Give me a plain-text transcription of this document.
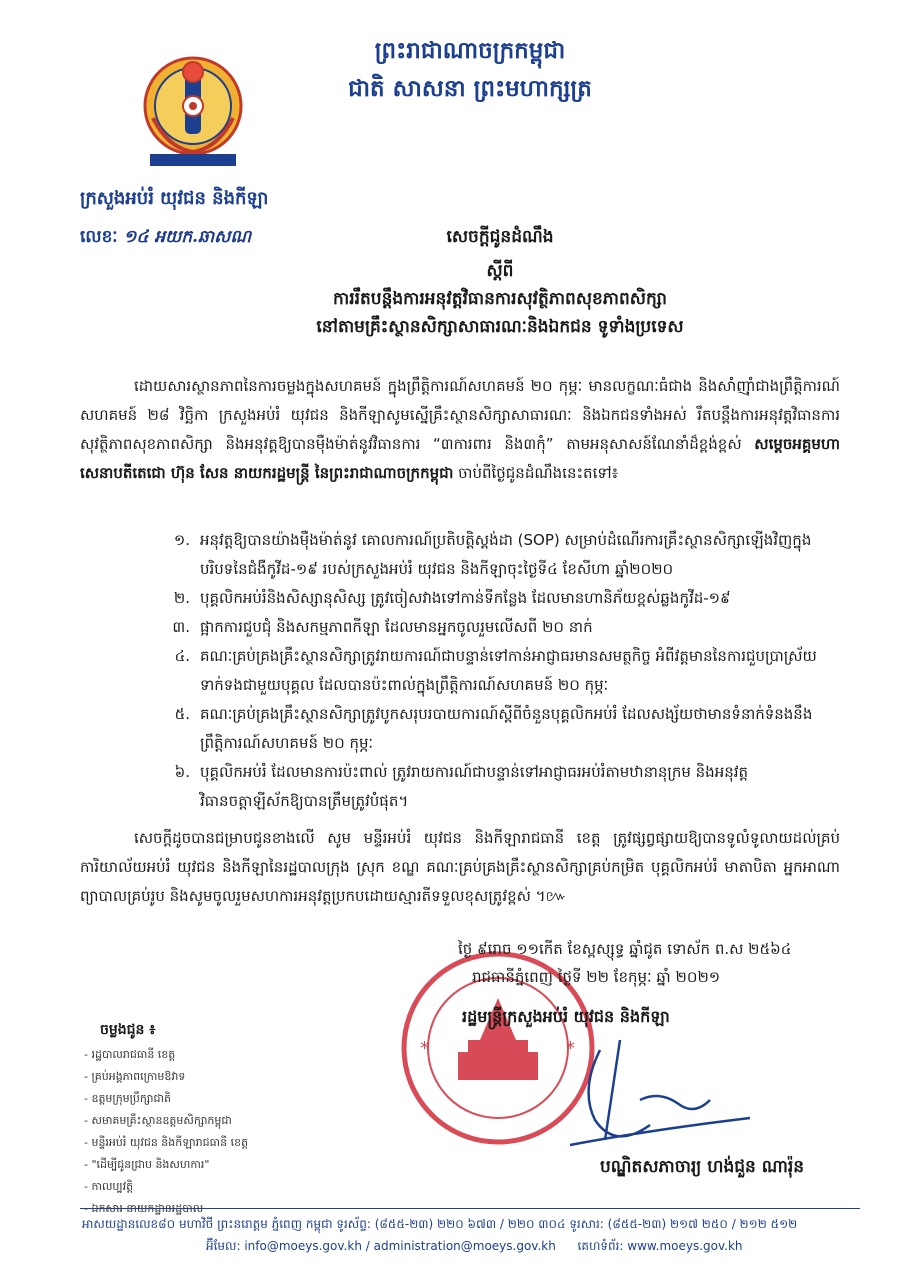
ព្រះរាជាណាចក្រកម្ពុជា
ជាតិ សាសនា ព្រះមហាក្សត្រ
ក្រសួងអប់រំ យុវជន និងកីឡា
លេខៈ ១៤ អយក.ឆាសណ	សេចក្តីជូនដំណឹង
ស្តីពី
ការរឹតបន្តឹងការអនុវត្តវិធានការសុវត្ថិភាពសុខភាពសិក្សា
នៅតាមគ្រឹះស្ថានសិក្សាសាធារណៈនិងឯកជន ទូទាំងប្រទេស
ដោយសារស្ថានភាពនៃការចម្លងក្នុងសហគមន៍ ក្នុងព្រឹត្តិការណ៍សហគមន៍ ២០ កុម្ភៈ មានលក្ខណៈធំជាង និងសាំញ៉ាំជាងព្រឹត្តិការណ៍សហគមន៍ ២៨ វិច្ឆិកា ក្រសួងអប់រំ យុវជន និងកីឡាសូមស្នើគ្រឹះស្ថានសិក្សាសាធារណៈ និងឯកជនទាំងអស់ រឹតបន្តឹងការអនុវត្តវិធានការសុវត្ថិភាពសុខភាពសិក្សា និងអនុវត្តឱ្យបានម៉ឺងម៉ាត់នូវវិធានការ “៣ការពារ និង៣កុំ” តាមអនុសាសន៍ណែនាំដ៏ខ្ពង់ខ្ពស់ សម្តេចអគ្គមហាសេនាបតីតេជោ ហ៊ុន សែន នាយករដ្ឋមន្ត្រី នៃព្រះរាជាណាចក្រកម្ពុជា ចាប់ពីថ្ងៃជូនដំណឹងនេះតទៅ៖
១. អនុវត្តឱ្យបានយ៉ាងម៉ឺងម៉ាត់នូវ គោលការណ៍ប្រតិបត្តិស្តង់ដា (SOP) សម្រាប់ដំណើរការគ្រឹះស្ថានសិក្សាឡើងវិញក្នុងបរិបទនៃជំងឺកូវីដ-១៩ របស់ក្រសួងអប់រំ យុវជន និងកីឡាចុះថ្ងៃទី៤ ខែសីហា ឆ្នាំ២០២០
២. បុគ្គលិកអប់រំនិងសិស្សានុសិស្ស ត្រូវចៀសវាងទៅកាន់ទីកន្លែង ដែលមានហានិភ័យខ្ពស់ឆ្លងកូវីដ-១៩
៣. ផ្អាកការជួបជុំ និងសកម្មភាពកីឡា ដែលមានអ្នកចូលរួមលើសពី ២០ នាក់
៤. គណៈគ្រប់គ្រងគ្រឹះស្ថានសិក្សាត្រូវរាយការណ៍ជាបន្ទាន់ទៅកាន់អាជ្ញាធរមានសមត្ថកិច្ច អំពីវត្តមាននៃការជួបប្រាស្រ័យទាក់ទងជាមួយបុគ្គល ដែលបានប៉ះពាល់ក្នុងព្រឹត្តិការណ៍សហគមន៍ ២០ កុម្ភៈ
៥. គណៈគ្រប់គ្រងគ្រឹះស្ថានសិក្សាត្រូវបូកសរុបរបាយការណ៍ស្តីពីចំនួនបុគ្គលិកអប់រំ ដែលសង្ស័យថាមានទំនាក់ទំនងនឹងព្រឹត្តិការណ៍សហគមន៍ ២០ កុម្ភៈ
៦. បុគ្គលិកអប់រំ ដែលមានការប៉ះពាល់ ត្រូវរាយការណ៍ជាបន្ទាន់ទៅអាជ្ញាធរអប់រំតាមឋានានុក្រម និងអនុវត្តវិធានចត្តាឡីស័កឱ្យបានត្រឹមត្រូវបំផុត។
សេចក្តីដូចបានជម្រាបជូនខាងលើ សូម មន្ទីរអប់រំ យុវជន និងកីឡារាជធានី ខេត្ត ត្រូវផ្សព្វផ្សាយឱ្យបានទូលំទូលាយដល់គ្រប់ការិយាល័យអប់រំ យុវជន និងកីឡានៃរដ្ឋបាលក្រុង ស្រុក ខណ្ឌ គណៈគ្រប់គ្រងគ្រឹះស្ថានសិក្សាគ្រប់កម្រិត បុគ្គលិកអប់រំ មាតាបិតា អ្នកអាណាព្យាបាលគ្រប់រូប និងសូមចូលរួមសហការអនុវត្តប្រកបដោយស្មារតីទទួលខុសត្រូវខ្ពស់ ។៚
*	*
ថ្ងៃ ៩រោច ១១កើត ខែស្ពស្សុទ្ធ ឆ្នាំជូត ទោស័ក ព.ស ២៥៦៤
រាជធានីភ្នំពេញ ថ្ងៃទី ២២ ខែកុម្ភៈ ឆ្នាំ ២០២១
រដ្ឋមន្ត្រីក្រសួងអប់រំ យុវជន និងកីឡា
បណ្ឌិតសភាចារ្យ ហង់ជួន ណារ៉ុន
ចម្លងជូន ៖
- រដ្ឋបាលរាជធានី ខេត្ត
- គ្រប់អង្គភាពក្រោមឱវាទ
- ឧត្តមក្រុមប្រឹក្សាជាតិ
- សមាគមគ្រឹះស្ថានឧត្តមសិក្សាកម្ពុជា
- មន្ទីរអប់រំ យុវជន និងកីឡារាជធានី ខេត្ត
- "ដើម្បីជូនជ្រាប និងសហការ"
- កាលប្បវត្តិ
- ឯកសារ នាយកដ្ឋានរដ្ឋបាល
អាសយដ្ឋានលេខ៨០ មហាវិថី ព្រះនរោត្តម ភ្នំពេញ កម្ពុជា ទូរស័ព្ទ: (៨៥៥-២៣) ២២០ ៦៧៣ / ២២០ ៣០៤ ទូរសារ: (៨៥៥-២៣) ២១៧ ២៥០ / ២១២ ៥១២
អ៊ីមែល: info@moeys.gov.kh / administration@moeys.gov.kh គេហទំព័រ: www.moeys.gov.kh
